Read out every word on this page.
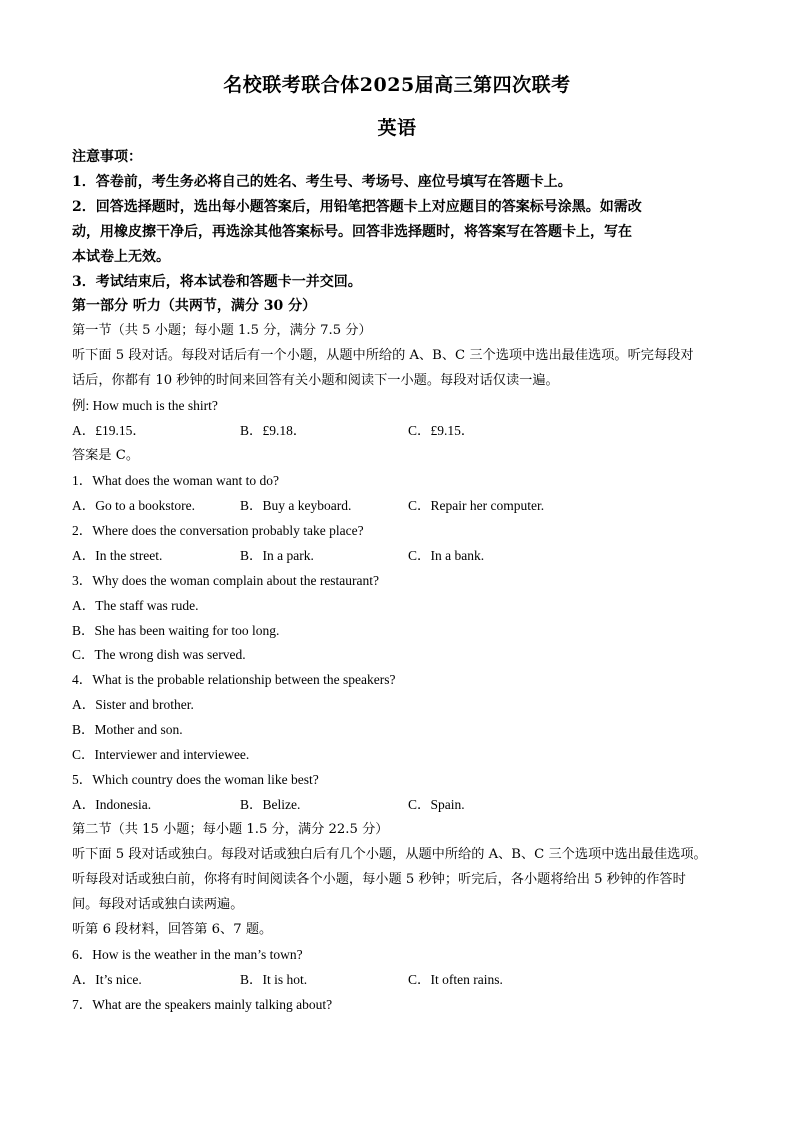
名校联考联合体2025届高三第四次联考
英语
注意事项：
1．答卷前，考生务必将自己的姓名、考生号、考场号、座位号填写在答题卡上。
2．回答选择题时，选出每小题答案后，用铅笔把答题卡上对应题目的答案标号涂黑。如需改
动，用橡皮擦干净后，再选涂其他答案标号。回答非选择题时，将答案写在答题卡上，写在
本试卷上无效。
3．考试结束后，将本试卷和答题卡一并交回。
第一部分 听力（共两节，满分 30 分）
第一节（共 5 小题；每小题 1.5 分，满分 7.5 分）
听下面 5 段对话。每段对话后有一个小题，从题中所给的 A、B、C 三个选项中选出最佳选项。听完每段对
话后，你都有 10 秒钟的时间来回答有关小题和阅读下一小题。每段对话仅读一遍。
例: How much is the shirt?
A．£19.15．	B．£9.18．	C．£9.15．
答案是 C。
1．What does the woman want to do?
A．Go to a bookstore.	B．Buy a keyboard.	C．Repair her computer.
2．Where does the conversation probably take place?
A．In the street.	B．In a park.	C．In a bank.
3．Why does the woman complain about the restaurant?
A．The staff was rude.
B．She has been waiting for too long.
C．The wrong dish was served.
4．What is the probable relationship between the speakers?
A．Sister and brother.
B．Mother and son.
C．Interviewer and interviewee.
5．Which country does the woman like best?
A．Indonesia.	B．Belize.	C．Spain.
第二节（共 15 小题；每小题 1.5 分，满分 22.5 分）
听下面 5 段对话或独白。每段对话或独白后有几个小题，从题中所给的 A、B、C 三个选项中选出最佳选项。
听每段对话或独白前，你将有时间阅读各个小题，每小题 5 秒钟；听完后，各小题将给出 5 秒钟的作答时
间。每段对话或独白读两遍。
听第 6 段材料，回答第 6、7 题。
6．How is the weather in the man’s town?
A．It’s nice.	B．It is hot.	C．It often rains.
7．What are the speakers mainly talking about?
